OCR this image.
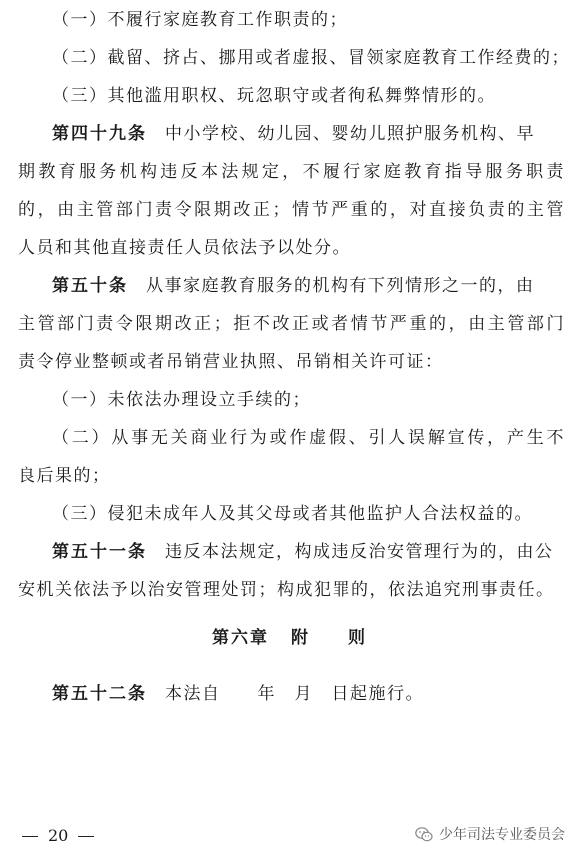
（一）不履行家庭教育工作职责的；
（二）截留、挤占、挪用或者虚报、冒领家庭教育工作经费的；
（三）其他滥用职权、玩忽职守或者徇私舞弊情形的。
第四十九条 中小学校、幼儿园、婴幼儿照护服务机构、早
期教育服务机构违反本法规定，不履行家庭教育指导服务职责
的，由主管部门责令限期改正；情节严重的，对直接负责的主管
人员和其他直接责任人员依法予以处分。
第五十条 从事家庭教育服务的机构有下列情形之一的，由
主管部门责令限期改正；拒不改正或者情节严重的，由主管部门
责令停业整顿或者吊销营业执照、吊销相关许可证：
（一）未依法办理设立手续的；
（二）从事无关商业行为或作虚假、引人误解宣传，产生不
良后果的；
（三）侵犯未成年人及其父母或者其他监护人合法权益的。
第五十一条 违反本法规定，构成违反治安管理行为的，由公
安机关依法予以治安管理处罚；构成犯罪的，依法追究刑事责任。
第六章 附　　则
第五十二条 本法自　　年　月　日起施行。
20	少年司法专业委员会
